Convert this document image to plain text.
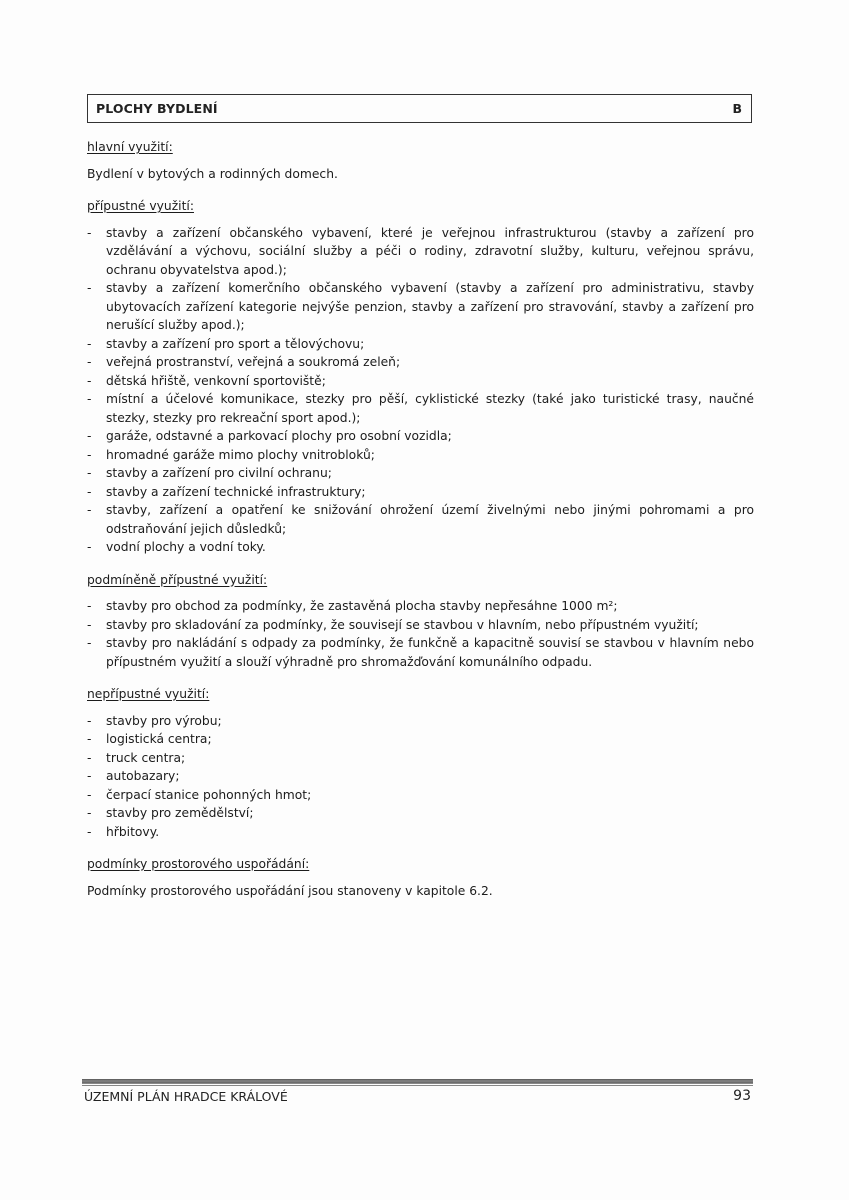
PLOCHY BYDLENÍ	B

hlavní využití:

Bydlení v bytových a rodinných domech.

přípustné využití:

- stavby a zařízení občanského vybavení, které je veřejnou infrastrukturou (stavby a zařízení pro vzdělávání a výchovu, sociální služby a péči o rodiny, zdravotní služby, kulturu, veřejnou správu, ochranu obyvatelstva apod.);
- stavby a zařízení komerčního občanského vybavení (stavby a zařízení pro administrativu, stavby ubytovacích zařízení kategorie nejvýše penzion, stavby a zařízení pro stravování, stavby a zařízení pro nerušící služby apod.);
- stavby a zařízení pro sport a tělovýchovu;
- veřejná prostranství, veřejná a soukromá zeleň;
- dětská hřiště, venkovní sportoviště;
- místní a účelové komunikace, stezky pro pěší, cyklistické stezky (také jako turistické trasy, naučné stezky, stezky pro rekreační sport apod.);
- garáže, odstavné a parkovací plochy pro osobní vozidla;
- hromadné garáže mimo plochy vnitrobloků;
- stavby a zařízení pro civilní ochranu;
- stavby a zařízení technické infrastruktury;
- stavby, zařízení a opatření ke snižování ohrožení území živelnými nebo jinými pohromami a pro odstraňování jejich důsledků;
- vodní plochy a vodní toky.

podmíněně přípustné využití:

- stavby pro obchod za podmínky, že zastavěná plocha stavby nepřesáhne 1000 m²;
- stavby pro skladování za podmínky, že souvisejí se stavbou v hlavním, nebo přípustném využití;
- stavby pro nakládání s odpady za podmínky, že funkčně a kapacitně souvisí se stavbou v hlavním nebo přípustném využití a slouží výhradně pro shromažďování komunálního odpadu.

nepřípustné využití:

- stavby pro výrobu;
- logistická centra;
- truck centra;
- autobazary;
- čerpací stanice pohonných hmot;
- stavby pro zemědělství;
- hřbitovy.

podmínky prostorového uspořádání:

Podmínky prostorového uspořádání jsou stanoveny v kapitole 6.2.

ÚZEMNÍ PLÁN HRADCE KRÁLOVÉ	93
